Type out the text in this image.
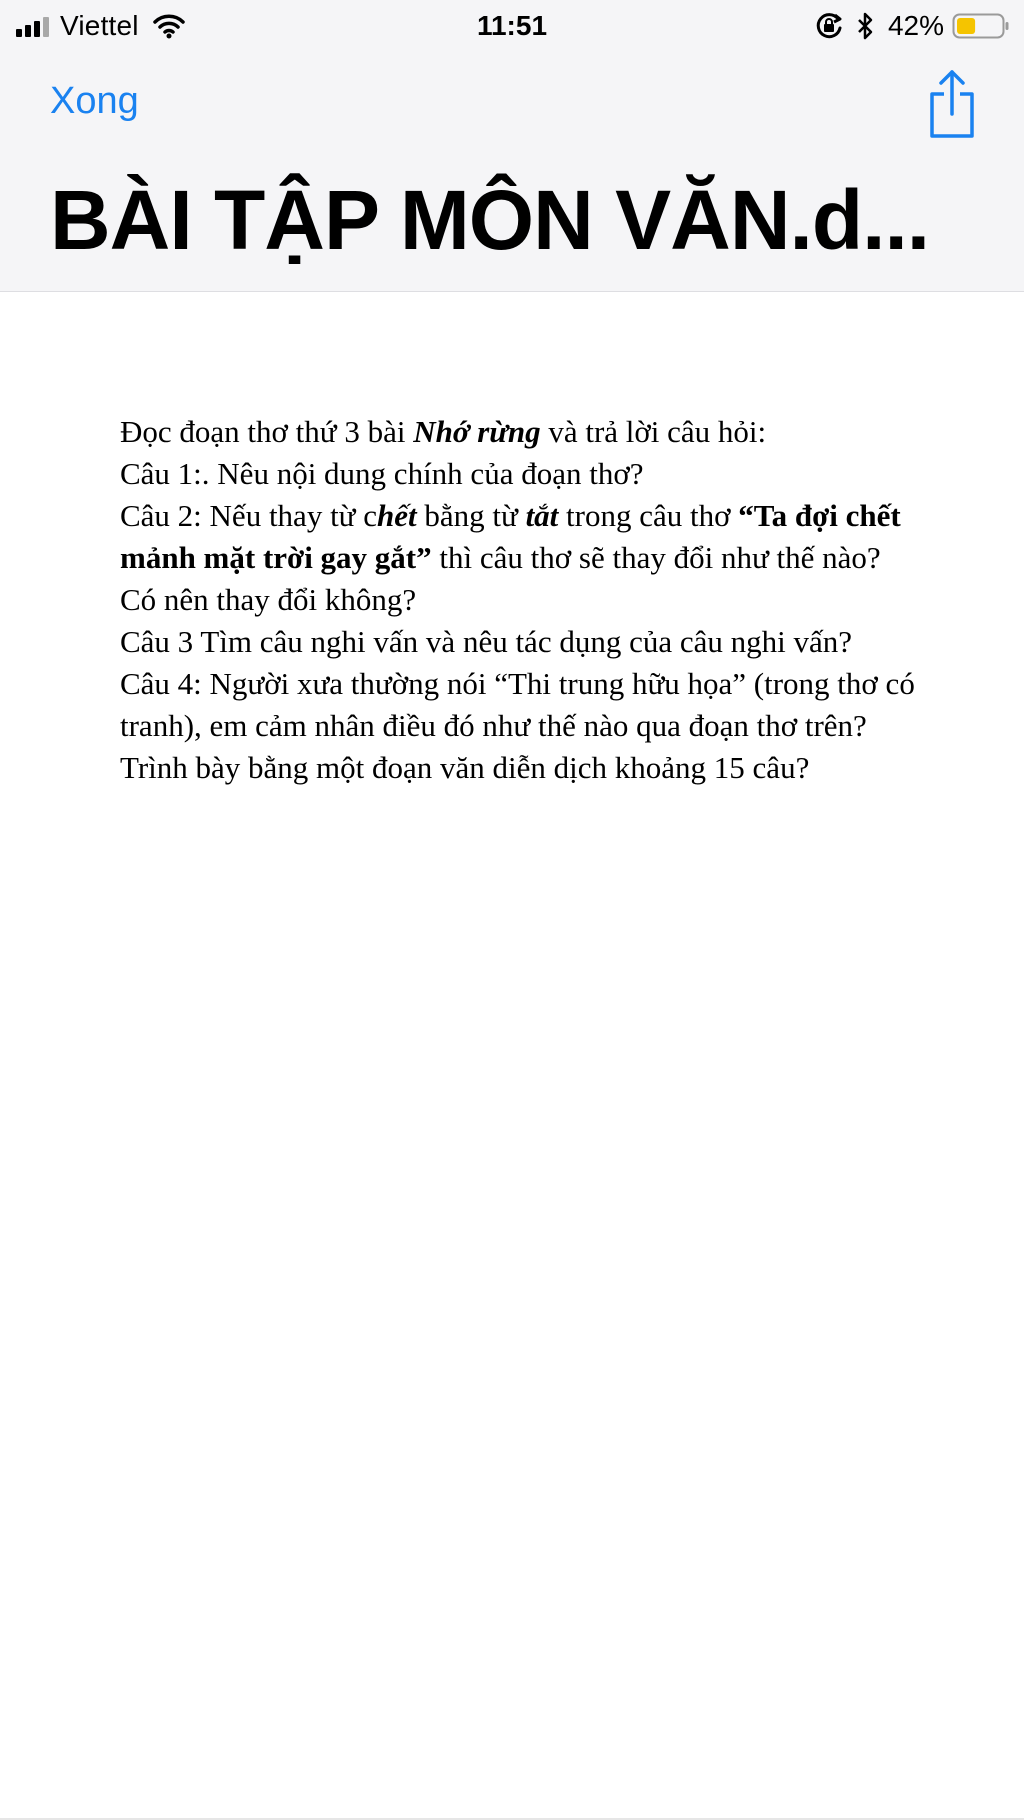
Viettel	11:51	42%
Xong
BÀI TẬP MÔN VĂN.d...

Đọc đoạn thơ thứ 3 bài Nhớ rừng và trả lời câu hỏi:

Câu 1:. Nêu nội dung chính của đoạn thơ?

Câu 2: Nếu thay từ chết bằng từ tắt trong câu thơ “Ta đợi chết mảnh mặt trời gay gắt” thì câu thơ sẽ thay đổi như thế nào? Có nên thay đổi không?

Câu 3 Tìm câu nghi vấn và nêu tác dụng của câu nghi vấn?

Câu 4: Người xưa thường nói “Thi trung hữu họa” (trong thơ có tranh), em cảm nhân điều đó như thế nào qua đoạn thơ trên? Trình bày bằng một đoạn văn diễn dịch khoảng 15 câu?
